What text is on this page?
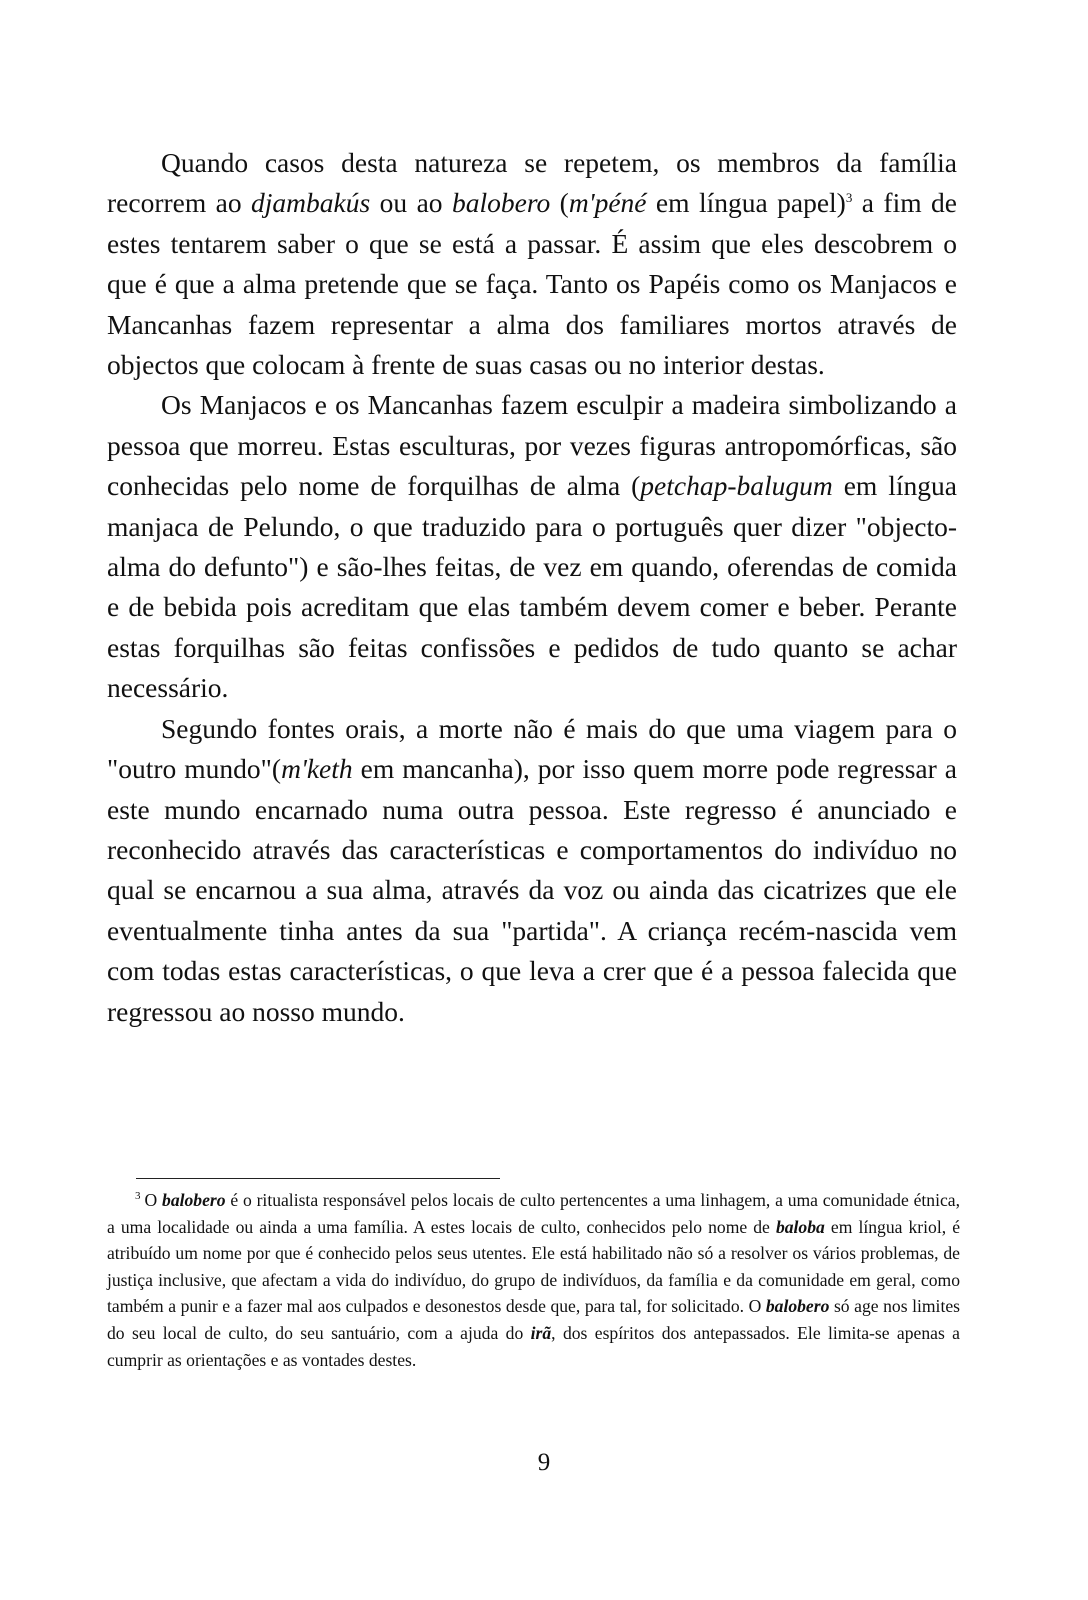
Quando casos desta natureza se repetem, os membros da família recorrem ao djambakús ou ao balobero (m'péné em língua papel)$^3$ a fim de estes tentarem saber o que se está a passar. É assim que eles descobrem o que é que a alma pretende que se faça. Tanto os Papéis como os Manjacos e Mancanhas fazem representar a alma dos familiares mortos através de objectos que colocam à frente de suas casas ou no interior destas.

Os Manjacos e os Mancanhas fazem esculpir a madeira simbolizando a pessoa que morreu. Estas esculturas, por vezes figuras antropomórficas, são conhecidas pelo nome de forquilhas de alma (petchap-balugum em língua manjaca de Pelundo, o que traduzido para o português quer dizer "objecto-alma do defunto") e são-lhes feitas, de vez em quando, oferendas de comida e de bebida pois acreditam que elas também devem comer e beber. Perante estas forquilhas são feitas confissões e pedidos de tudo quanto se achar necessário.

Segundo fontes orais, a morte não é mais do que uma viagem para o "outro mundo"(m'keth em mancanha), por isso quem morre pode regressar a este mundo encarnado numa outra pessoa. Este regresso é anunciado e reconhecido através das características e comportamentos do indivíduo no qual se encarnou a sua alma, através da voz ou ainda das cicatrizes que ele eventualmente tinha antes da sua "partida". A criança recém-nascida vem com todas estas características, o que leva a crer que é a pessoa falecida que regressou ao nosso mundo.

$^3$ O balobero é o ritualista responsável pelos locais de culto pertencentes a uma linhagem, a uma comunidade étnica, a uma localidade ou ainda a uma família. A estes locais de culto, conhecidos pelo nome de baloba em língua kriol, é atribuído um nome por que é conhecido pelos seus utentes. Ele está habilitado não só a resolver os vários problemas, de justiça inclusive, que afectam a vida do indivíduo, do grupo de indivíduos, da família e da comunidade em geral, como também a punir e a fazer mal aos culpados e desonestos desde que, para tal, for solicitado. O balobero só age nos limites do seu local de culto, do seu santuário, com a ajuda do irã, dos espíritos dos antepassados. Ele limita-se apenas a cumprir as orientações e as vontades destes.
9
